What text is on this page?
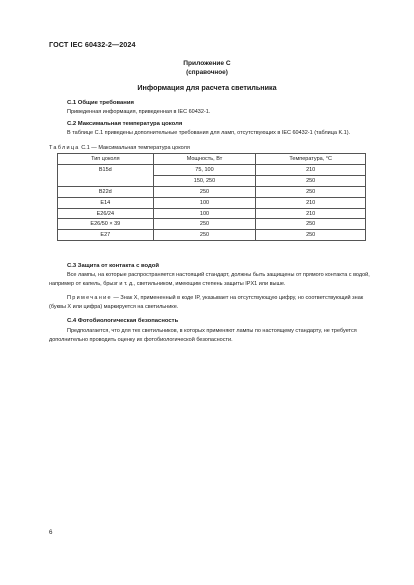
ГОСТ IEC 60432-2—2024
Приложение C
(справочное)
Информация для расчета светильника
C.1 Общие требования
Приведенная информация, приведенная в IEC 60432-1.
C.2 Максимальная температура цоколя
В таблице C.1 приведены дополнительные требования для ламп, отсутствующих в IEC 60432-1 (таблица K.1).
Таблица C.1 — Максимальная температура цоколя
Тип цоколя	Мощность, Вт	Температура, °С
B15d	75, 100	210
	150, 250	250
B22d	250	250
E14	100	210
E26/24	100	210
E26/50 × 39	250	250
E27	250	250
C.3 Защита от контакта с водой
Все лампы, на которые распространяется настоящий стандарт, должны быть защищены от прямого контакта с водой, например от капель, брызг и т. д., светильником, имеющим степень защиты IPX1 или выше.
Примечание — Знак X, примененный в коде IP, указывает на отсутствующую цифру, но соответствующий знак (буквы X или цифра) маркируется на светильнике.
C.4 Фотобиологическая безопасность
Предполагается, что для тех светильников, в которых применяют лампы по настоящему стандарту, не требуется дополнительно проводить оценку их фотобиологической безопасности.
6
